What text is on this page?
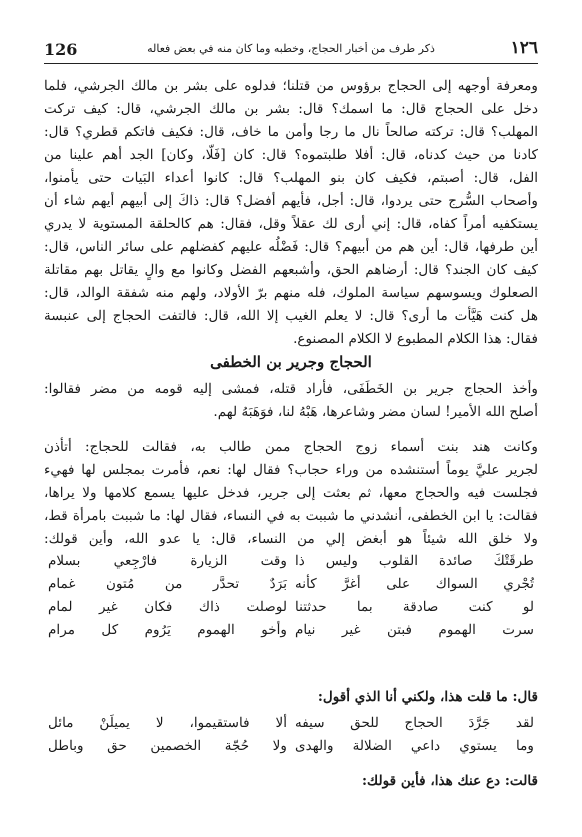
126	ذكر طرف من أخبار الحجاج، وخطبه وما كان منه في بعض فعاله	١٢٦
ومعرفة أوجهه إلى الحجاج برؤوس من قتلنا؛ فدلوه على بشر بن مالك الجرشي، فلما
دخل على الحجاج قال: ما اسمك؟ قال: بشر بن مالك الجرشي، قال: كيف تركت
المهلب؟ قال: تركته صالحاً نال ما رجا وأمن ما خاف، قال: فكيف فاتكم قطري؟ قال:
كادنا من حيث كدناه، قال: أفلا طلبتموه؟ قال: كان [فَلّا، وكان] الجد أهم علينا من
الفل، قال: أصبتم، فكيف كان بنو المهلب؟ قال: كانوا أعداء البَيات حتى يأمنوا،
وأصحاب السُّرج حتى يردوا، قال: أجل، فأيهم أفضل؟ قال: ذاكَ إلى أبيهم أيهم شاء أن
يستكفيه أمراً كفاه، قال: إني أرى لك عقلاً وقل، فقال: هم كالحلقة المستوية لا يدري
أين طرفها، قال: أين هم من أبيهم؟ قال: فَضْلُه عليهم كفضلهم على سائر الناس، قال:
كيف كان الجند؟ قال: أرضاهم الحق، وأشبعهم الفضل وكانوا مع والٍ يقاتل بهم مقاتلة
الصعلوك ويسوسهم سياسة الملوك، فله منهم برّ الأولاد، ولهم منه شفقة الوالد، قال:
هل كنت هَيَّأت ما أرى؟ قال: لا يعلم الغيب إلا الله، قال: فالتفت الحجاج إلى عنبسة
فقال: هذا الكلام المطبوع لا الكلام المصنوع.
الحجاج وجرير بن الخطفى
وأخذ الحجاج جرير بن الخَطَفَى، فأراد قتله، فمشى إليه قومه من مضر فقالوا:
أصلح الله الأمير! لسان مضر وشاعرها، هَبْهُ لنا، فوَهَبَهُ لهم.
وكانت هند بنت أسماء زوج الحجاج ممن طالب به، فقالت للحجاج: أتأذن
لجرير عليَّ يوماً أستنشده من وراء حجاب؟ فقال لها: نعم، فأمرت بمجلس لها فهيء
فجلست فيه والحجاج معها، ثم بعثت إلى جرير، فدخل عليها يسمع كلامها ولا يراها،
فقالت: يا ابن الخطفى، أنشدني ما شببت به في النساء، فقال لها: ما شببت بامرأة قط،
ولا خلق الله شيئاً هو أبغض إلي من النساء، قال: يا عدو الله، وأين قولك:
طرقَتْكَ صائدة القلوب وليس ذا
وقت الزيارة فارْجِعي بسلام
تُجْري السواك على أغرَّ كأنه
بَرَدٌ تحدَّر من مُتون غمام
لو كنت صادقة بما حدثتنا
لوصلت ذاك فكان غير لمام
سرت الهموم فبتن غير نيام
وأخو الهموم يَرُوم كل مرام
قال: ما قلت هذا، ولكني أنا الذي أقول:
لقد جَرَّدَ الحجاج للحق سيفه
ألا فاستقيموا، لا يميلَنْ مائل
وما يستوي داعي الضلالة والهدى
ولا حُجّة الخصمين حق وباطل
قالت: دع عنك هذا، فأين قولك:
